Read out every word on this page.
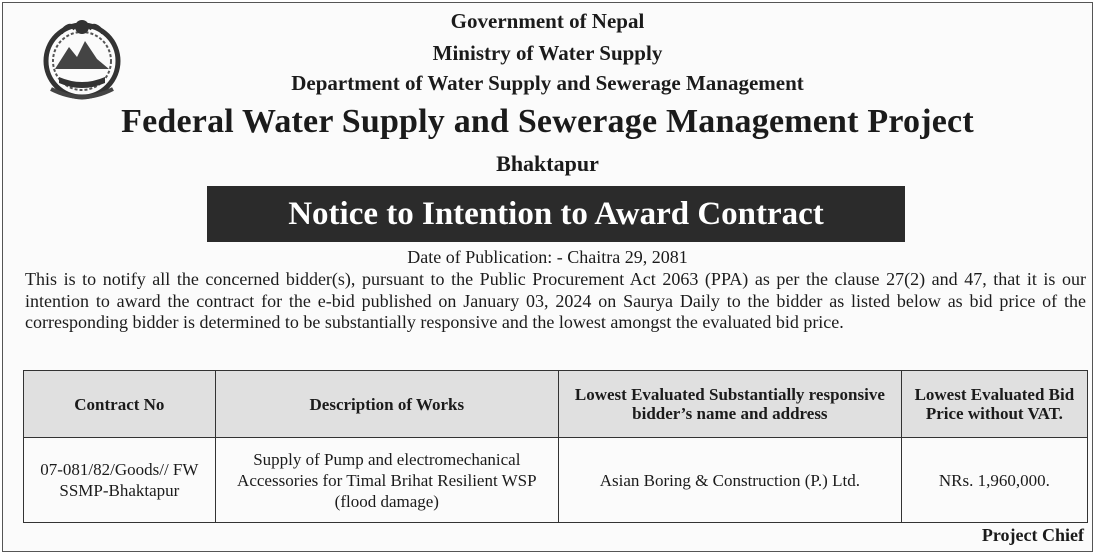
Government of Nepal
Ministry of Water Supply
Department of Water Supply and Sewerage Management
Federal Water Supply and Sewerage Management Project
Bhaktapur
Notice to Intention to Award Contract
Date of Publication: - Chaitra 29, 2081
This is to notify all the concerned bidder(s), pursuant to the Public Procurement Act 2063 (PPA) as per the clause 27(2) and 47, that it is our intention to award the contract for the e-bid published on January 03, 2024 on Saurya Daily to the bidder as listed below as bid price of the corresponding bidder is determined to be substantially responsive and the lowest amongst the evaluated bid price.
Contract No	Description of Works	Lowest Evaluated Substantially responsive bidder’s name and address	Lowest Evaluated Bid Price without VAT.
07-081/82/Goods// FW SSMP-Bhaktapur	Supply of Pump and electromechanical Accessories for Timal Brihat Resilient WSP (flood damage)	Asian Boring & Construction (P.) Ltd.	NRs. 1,960,000.
Project Chief
